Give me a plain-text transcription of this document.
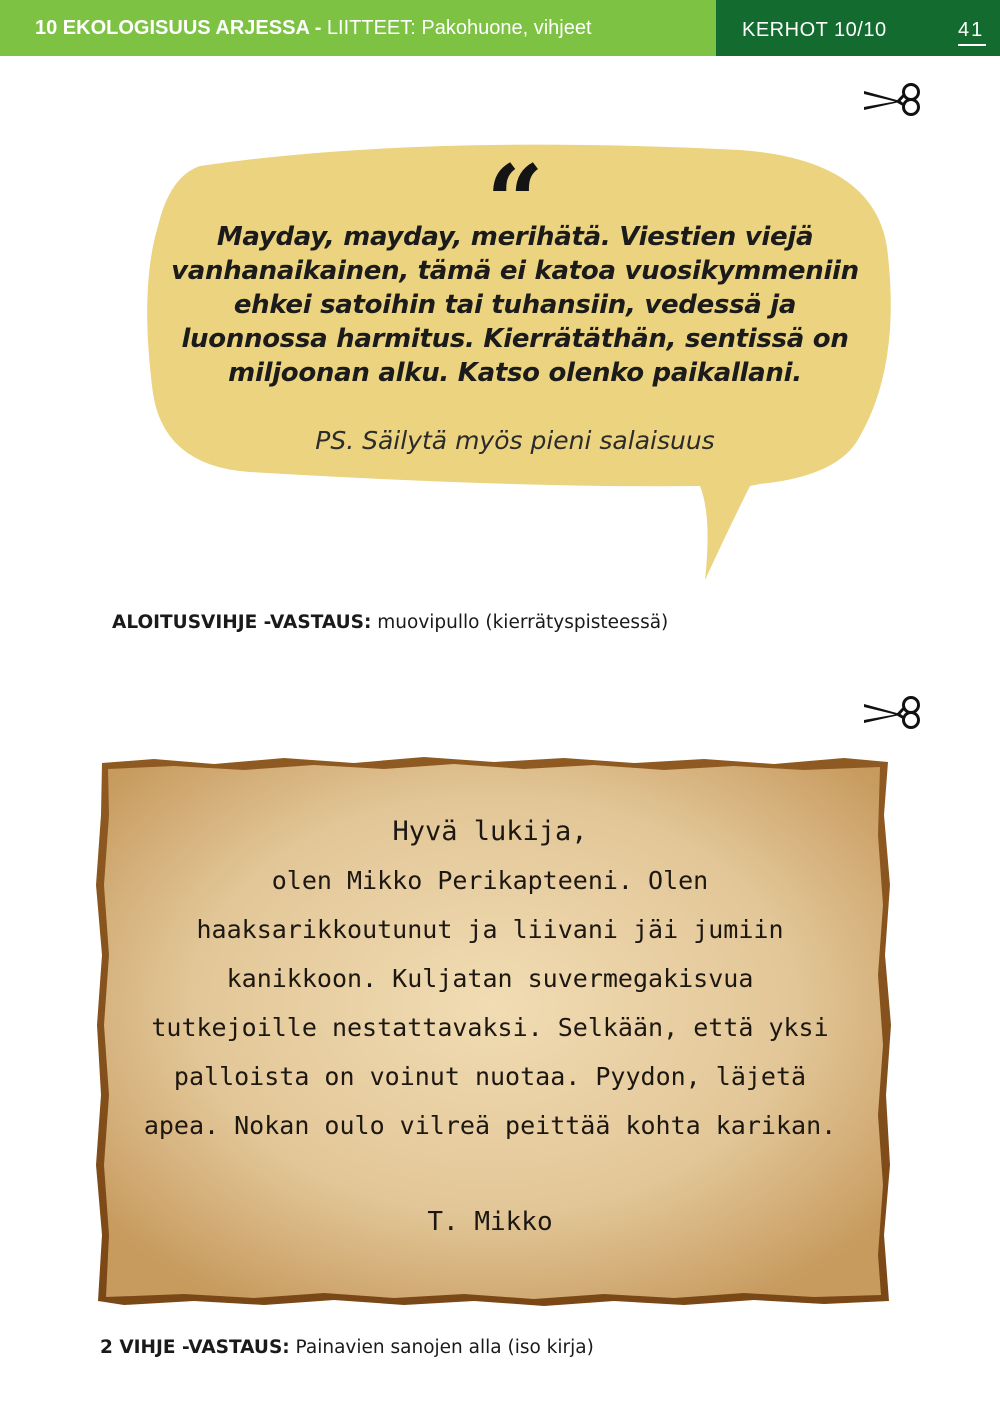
10 EKOLOGISUUS ARJESSA - LIITTEET: Pakohuone, vihjeet	KERHOT 10/10	41
“
Mayday, mayday, merihätä. Viestien viejä vanhanaikainen, tämä ei katoa vuosikymmeniin ehkei satoihin tai tuhansiin, vedessä ja luonnossa harmitus. Kierrätäthän, sentissä on miljoonan alku. Katso olenko paikallani.
PS. Säilytä myös pieni salaisuus
ALOITUSVIHJE -VASTAUS: muovipullo (kierrätyspisteessä)
Hyvä lukija,
olen Mikko Perikapteeni. Olen haaksarikkoutunut ja liivani jäi jumiin kanikkoon. Kuljatan suvermegakisvua tutkejoille nestattavaksi. Selkään, että yksi palloista on voinut nuotaa. Pyydon, läjetä apea. Nokan oulo vilreä peittää kohta karikan.
T. Mikko
2 VIHJE -VASTAUS: Painavien sanojen alla (iso kirja)
